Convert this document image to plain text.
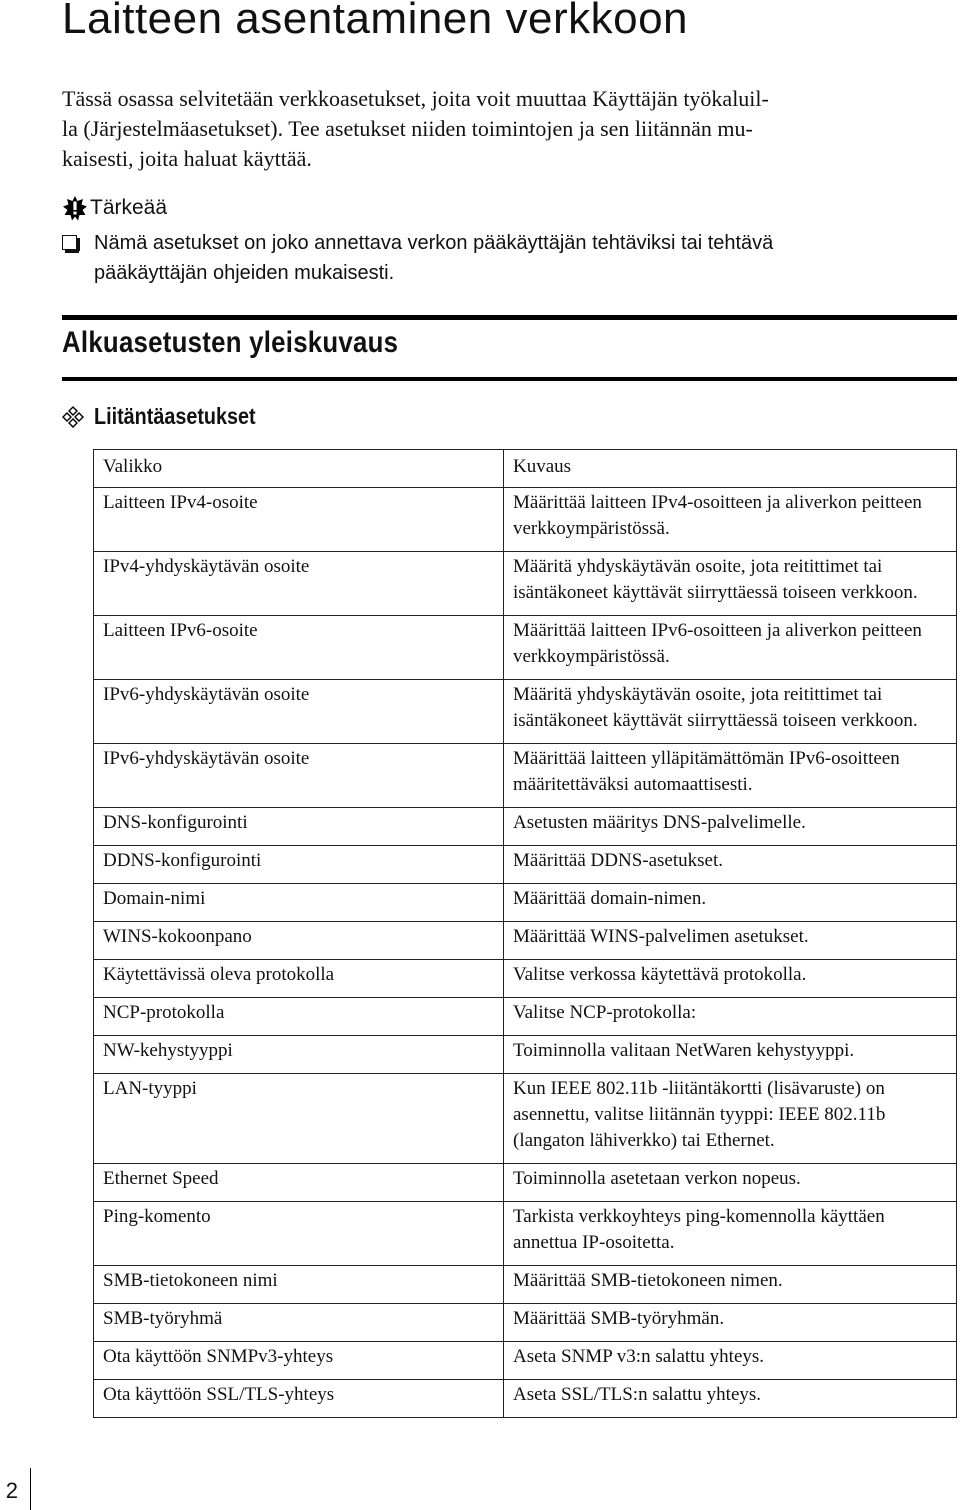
Laitteen asentaminen verkkoon
Tässä osassa selvitetään verkkoasetukset, joita voit muuttaa Käyttäjän työkaluil-
la (Järjestelmäasetukset). Tee asetukset niiden toimintojen ja sen liitännän mu-
kaisesti, joita haluat käyttää.
Tärkeää
Nämä asetukset on joko annettava verkon pääkäyttäjän tehtäviksi tai tehtävä
pääkäyttäjän ohjeiden mukaisesti.
Alkuasetusten yleiskuvaus
Liitäntäasetukset
Valikko	Kuvaus
Laitteen IPv4-osoite	Määrittää laitteen IPv4-osoitteen ja aliverkon peitteen verkkoympäristössä.
IPv4-yhdyskäytävän osoite	Määritä yhdyskäytävän osoite, jota reitittimet tai isäntäkoneet käyttävät siirryttäessä toiseen verkkoon.
Laitteen IPv6-osoite	Määrittää laitteen IPv6-osoitteen ja aliverkon peitteen verkkoympäristössä.
IPv6-yhdyskäytävän osoite	Määritä yhdyskäytävän osoite, jota reitittimet tai isäntäkoneet käyttävät siirryttäessä toiseen verkkoon.
IPv6-yhdyskäytävän osoite	Määrittää laitteen ylläpitämättömän IPv6-osoitteen määritettäväksi automaattisesti.
DNS-konfigurointi	Asetusten määritys DNS-palvelimelle.
DDNS-konfigurointi	Määrittää DDNS-asetukset.
Domain-nimi	Määrittää domain-nimen.
WINS-kokoonpano	Määrittää WINS-palvelimen asetukset.
Käytettävissä oleva protokolla	Valitse verkossa käytettävä protokolla.
NCP-protokolla	Valitse NCP-protokolla:
NW-kehystyyppi	Toiminnolla valitaan NetWaren kehystyyppi.
LAN-tyyppi	Kun IEEE 802.11b -liitäntäkortti (lisävaruste) on asennettu, valitse liitännän tyyppi: IEEE 802.11b (langaton lähiverkko) tai Ethernet.
Ethernet Speed	Toiminnolla asetetaan verkon nopeus.
Ping-komento	Tarkista verkkoyhteys ping-komennolla käyttäen annettua IP-osoitetta.
SMB-tietokoneen nimi	Määrittää SMB-tietokoneen nimen.
SMB-työryhmä	Määrittää SMB-työryhmän.
Ota käyttöön SNMPv3-yhteys	Aseta SNMP v3:n salattu yhteys.
Ota käyttöön SSL/TLS-yhteys	Aseta SSL/TLS:n salattu yhteys.
2
